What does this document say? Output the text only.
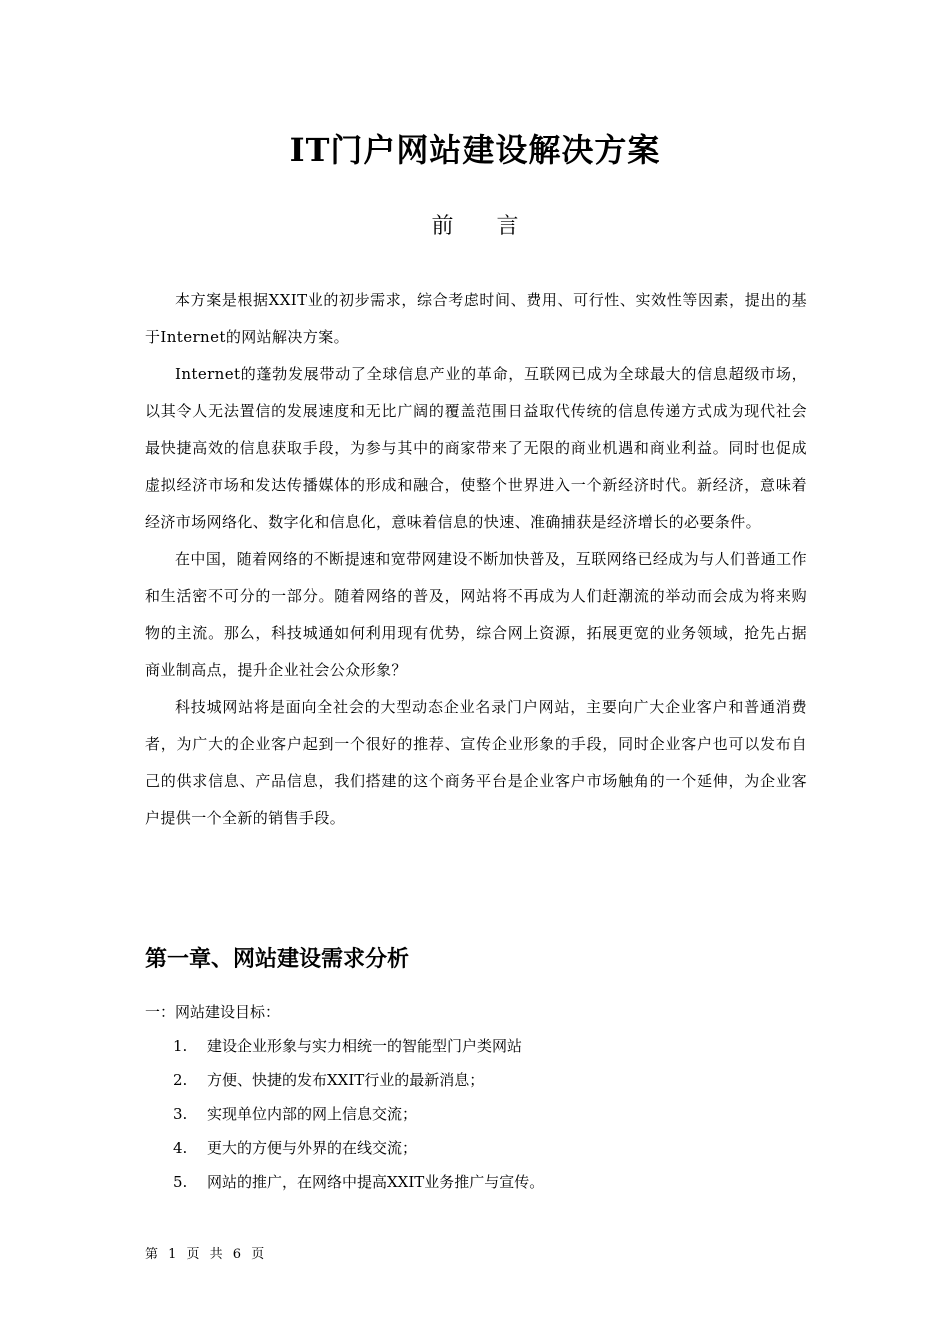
IT门户网站建设解决方案
前 言

本方案是根据XXIT业的初步需求，综合考虑时间、费用、可行性、实效性等因素，提出的基于Internet的网站解决方案。

Internet的蓬勃发展带动了全球信息产业的革命，互联网已成为全球最大的信息超级市场，以其令人无法置信的发展速度和无比广阔的覆盖范围日益取代传统的信息传递方式成为现代社会最快捷高效的信息获取手段，为参与其中的商家带来了无限的商业机遇和商业利益。同时也促成虚拟经济市场和发达传播媒体的形成和融合，使整个世界进入一个新经济时代。新经济，意味着经济市场网络化、数字化和信息化，意味着信息的快速、准确捕获是经济增长的必要条件。

在中国，随着网络的不断提速和宽带网建设不断加快普及，互联网络已经成为与人们普通工作和生活密不可分的一部分。随着网络的普及，网站将不再成为人们赶潮流的举动而会成为将来购物的主流。那么，科技城通如何利用现有优势，综合网上资源，拓展更宽的业务领域，抢先占据商业制高点，提升企业社会公众形象？

科技城网站将是面向全社会的大型动态企业名录门户网站，主要向广大企业客户和普通消费者，为广大的企业客户起到一个很好的推荐、宣传企业形象的手段，同时企业客户也可以发布自己的供求信息、产品信息，我们搭建的这个商务平台是企业客户市场触角的一个延伸，为企业客户提供一个全新的销售手段。

第一章、网站建设需求分析

一：网站建设目标：

1.	建设企业形象与实力相统一的智能型门户类网站
2.	方便、快捷的发布XXIT行业的最新消息；
3.	实现单位内部的网上信息交流；
4.	更大的方便与外界的在线交流；
5.	网站的推广，在网络中提高XXIT业务推广与宣传。
第 1 页 共 6 页
